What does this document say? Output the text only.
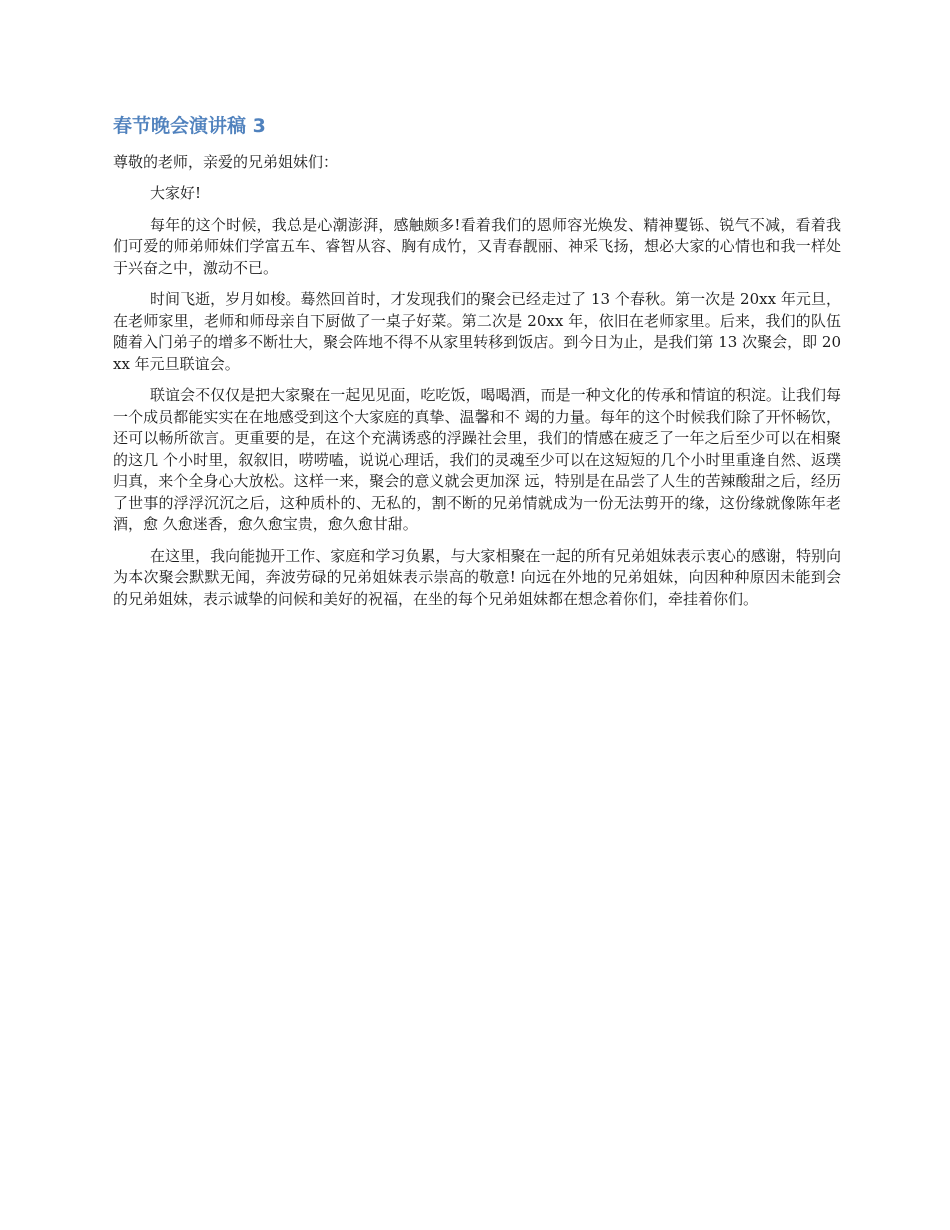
春节晚会演讲稿 3

尊敬的老师，亲爱的兄弟姐妹们：

大家好!

每年的这个时候，我总是心潮澎湃，感触颇多!看着我们的恩师容光焕发、精神矍铄、锐气不减，看着我们可爱的师弟师妹们学富五车、睿智从容、胸有成竹，又青春靓丽、神采飞扬，想必大家的心情也和我一样处于兴奋之中，激动不已。

时间飞逝，岁月如梭。蓦然回首时，才发现我们的聚会已经走过了 13 个春秋。第一次是 20xx 年元旦，在老师家里，老师和师母亲自下厨做了一桌子好菜。第二次是 20xx 年，依旧在老师家里。后来，我们的队伍随着入门弟子的增多不断壮大，聚会阵地不得不从家里转移到饭店。到今日为止，是我们第 13 次聚会，即 20xx 年元旦联谊会。

联谊会不仅仅是把大家聚在一起见见面，吃吃饭，喝喝酒，而是一种文化的传承和情谊的积淀。让我们每一个成员都能实实在在地感受到这个大家庭的真挚、温馨和不 竭的力量。每年的这个时候我们除了开怀畅饮，还可以畅所欲言。更重要的是，在这个充满诱惑的浮躁社会里，我们的情感在疲乏了一年之后至少可以在相聚的这几 个小时里，叙叙旧，唠唠嗑，说说心理话，我们的灵魂至少可以在这短短的几个小时里重逢自然、返璞归真，来个全身心大放松。这样一来，聚会的意义就会更加深 远，特别是在品尝了人生的苦辣酸甜之后，经历了世事的浮浮沉沉之后，这种质朴的、无私的，割不断的兄弟情就成为一份无法剪开的缘，这份缘就像陈年老酒，愈 久愈迷香，愈久愈宝贵，愈久愈甘甜。

在这里，我向能抛开工作、家庭和学习负累，与大家相聚在一起的所有兄弟姐妹表示衷心的感谢，特别向为本次聚会默默无闻，奔波劳碌的兄弟姐妹表示崇高的敬意! 向远在外地的兄弟姐妹，向因种种原因未能到会的兄弟姐妹，表示诚挚的问候和美好的祝福，在坐的每个兄弟姐妹都在想念着你们，牵挂着你们。
